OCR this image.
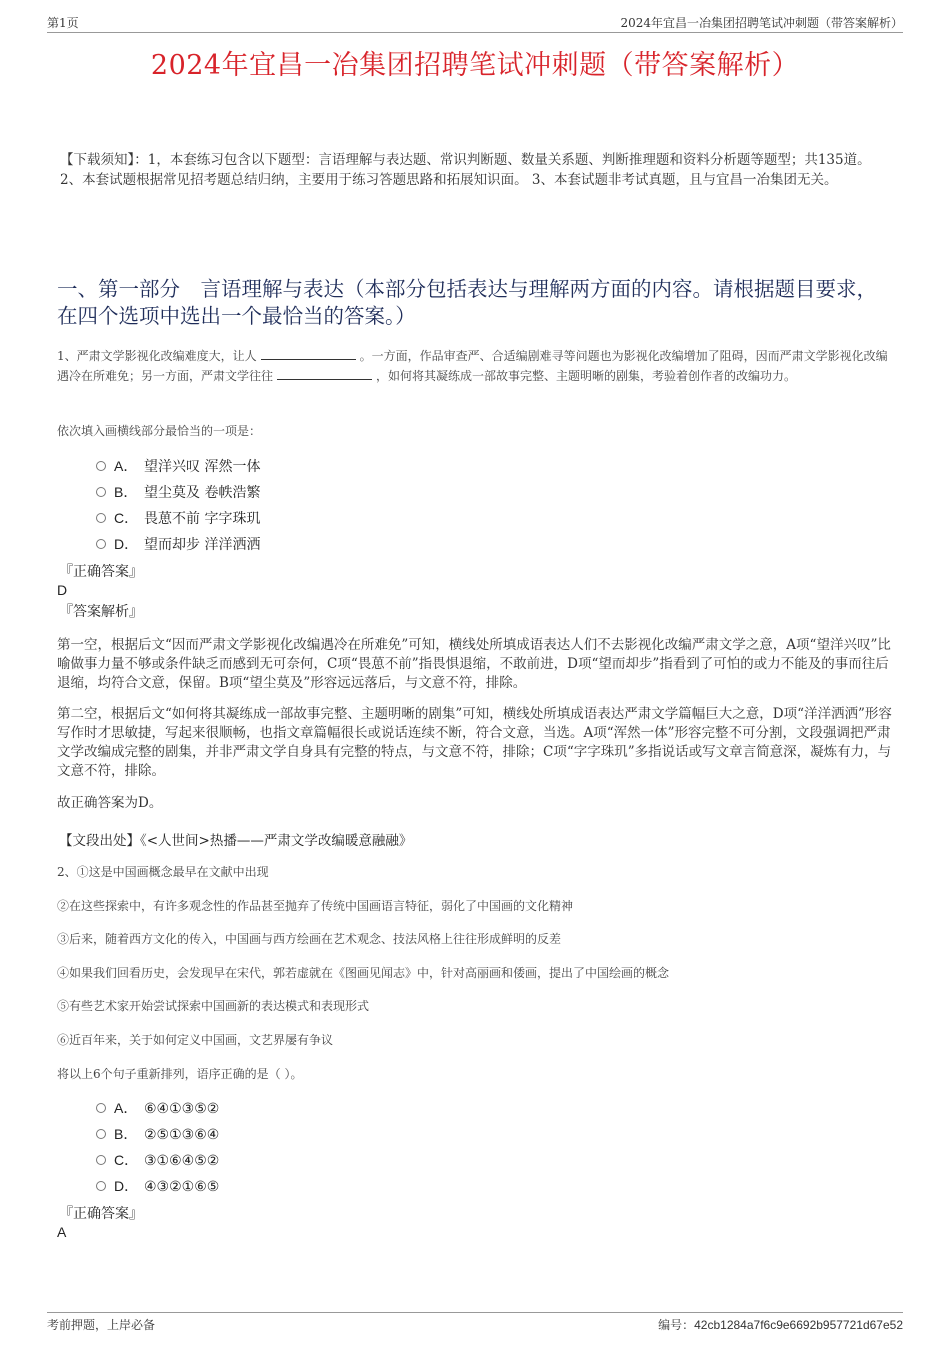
第1页	2024年宜昌一冶集团招聘笔试冲刺题（带答案解析）
2024年宜昌一冶集团招聘笔试冲刺题（带答案解析）
【下载须知】：1，本套练习包含以下题型：言语理解与表达题、常识判断题、数量关系题、判断推理题和资料分析题等题型；共135道。 2、本套试题根据常见招考题总结归纳，主要用于练习答题思路和拓展知识面。 3、本套试题非考试真题，且与宜昌一冶集团无关。
一、第一部分　言语理解与表达（本部分包括表达与理解两方面的内容。请根据题目要求，在四个选项中选出一个最恰当的答案。）
1、严肃文学影视化改编难度大，让人	。一方面，作品审查严、合适编剧难寻等问题也为影视化改编增加了阻碍，因而严肃文学影视化改编遇冷在所难免；另一方面，严肃文学往往	，如何将其凝练成一部故事完整、主题明晰的剧集，考验着创作者的改编功力。
依次填入画横线部分最恰当的一项是：
A． 望洋兴叹 浑然一体
B． 望尘莫及 卷帙浩繁
C． 畏葸不前 字字珠玑
D． 望而却步 洋洋洒洒
『正确答案』
D
『答案解析』
第一空，根据后文“因而严肃文学影视化改编遇冷在所难免”可知，横线处所填成语表达人们不去影视化改编严肃文学之意，A项“望洋兴叹”比喻做事力量不够或条件缺乏而感到无可奈何，C项“畏葸不前”指畏惧退缩，不敢前进，D项“望而却步”指看到了可怕的或力不能及的事而往后退缩，均符合文意，保留。B项“望尘莫及”形容远远落后，与文意不符，排除。
第二空，根据后文“如何将其凝练成一部故事完整、主题明晰的剧集”可知，横线处所填成语表达严肃文学篇幅巨大之意，D项“洋洋洒洒”形容写作时才思敏捷，写起来很顺畅，也指文章篇幅很长或说话连续不断，符合文意，当选。A项“浑然一体”形容完整不可分割，文段强调把严肃文学改编成完整的剧集，并非严肃文学自身具有完整的特点，与文意不符，排除；C项“字字珠玑”多指说话或写文章言简意深，凝炼有力，与文意不符，排除。
故正确答案为D。
【文段出处】《<人世间>热播——严肃文学改编暖意融融》
2、①这是中国画概念最早在文献中出现
②在这些探索中，有许多观念性的作品甚至抛弃了传统中国画语言特征，弱化了中国画的文化精神
③后来，随着西方文化的传入，中国画与西方绘画在艺术观念、技法风格上往往形成鲜明的反差
④如果我们回看历史，会发现早在宋代，郭若虚就在《图画见闻志》中，针对高丽画和倭画，提出了中国绘画的概念
⑤有些艺术家开始尝试探索中国画新的表达模式和表现形式
⑥近百年来，关于如何定义中国画，文艺界屡有争议
将以上6个句子重新排列，语序正确的是（ ）。
A． ⑥④①③⑤②
B． ②⑤①③⑥④
C． ③①⑥④⑤②
D． ④③②①⑥⑤
『正确答案』
A
考前押题，上岸必备	编号：42cb1284a7f6c9e6692b957721d67e52
